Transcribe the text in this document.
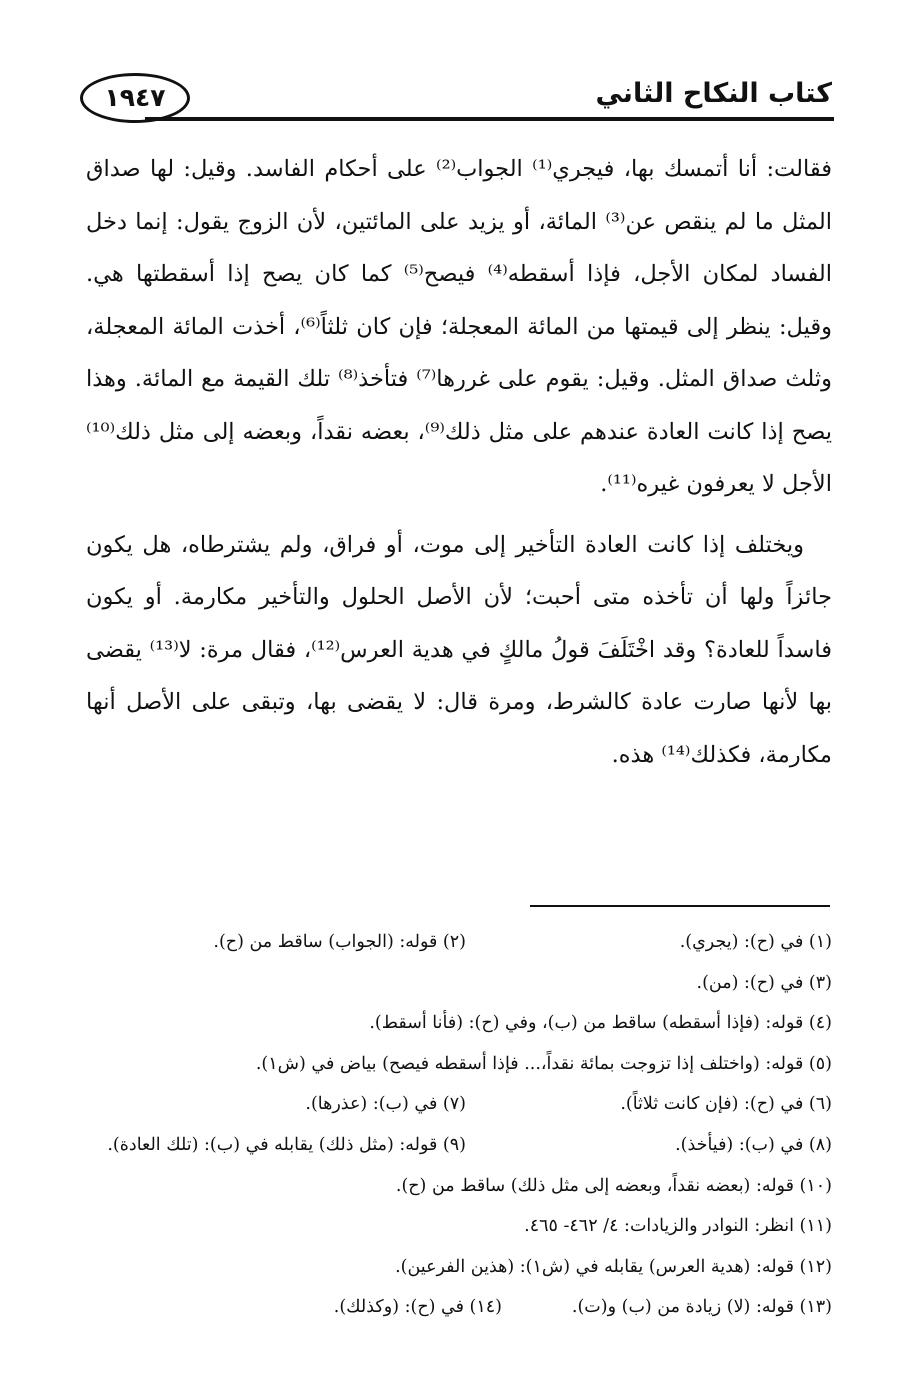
كتاب النكاح الثاني
١٩٤٧

فقالت: أنا أتمسك بها، فيجري⁽¹⁾ الجواب⁽²⁾ على أحكام الفاسد. وقيل: لها صداق المثل ما لم ينقص عن⁽³⁾ المائة، أو يزيد على المائتين، لأن الزوج يقول: إنما دخل الفساد لمكان الأجل، فإذا أسقطه⁽⁴⁾ فيصح⁽⁵⁾ كما كان يصح إذا أسقطتها هي. وقيل: ينظر إلى قيمتها من المائة المعجلة؛ فإن كان ثلثاً⁽⁶⁾، أخذت المائة المعجلة، وثلث صداق المثل. وقيل: يقوم على غررها⁽⁷⁾ فتأخذ⁽⁸⁾ تلك القيمة مع المائة. وهذا يصح إذا كانت العادة عندهم على مثل ذلك⁽⁹⁾، بعضه نقداً، وبعضه إلى مثل ذلك⁽¹⁰⁾ الأجل لا يعرفون غيره⁽¹¹⁾.

ويختلف إذا كانت العادة التأخير إلى موت، أو فراق، ولم يشترطاه، هل يكون جائزاً ولها أن تأخذه متى أحبت؛ لأن الأصل الحلول والتأخير مكارمة. أو يكون فاسداً للعادة؟ وقد اخْتَلَفَ قولُ مالكٍ في هدية العرس⁽¹²⁾، فقال مرة: لا⁽¹³⁾ يقضى بها لأنها صارت عادة كالشرط، ومرة قال: لا يقضى بها، وتبقى على الأصل أنها مكارمة، فكذلك⁽¹⁴⁾ هذه.

(١) في (ح): (يجري).
(٢) قوله: (الجواب) ساقط من (ح).
(٣) في (ح): (من).
(٤) قوله: (فإذا أسقطه) ساقط من (ب)، وفي (ح): (فأنا أسقط).
(٥) قوله: (واختلف إذا تزوجت بمائة نقداً،... فإذا أسقطه فيصح) بياض في (ش١).
(٦) في (ح): (فإن كانت ثلاثاً).
(٧) في (ب): (عذرها).
(٨) في (ب): (فيأخذ).
(٩) قوله: (مثل ذلك) يقابله في (ب): (تلك العادة).
(١٠) قوله: (بعضه نقداً، وبعضه إلى مثل ذلك) ساقط من (ح).
(١١) انظر: النوادر والزيادات: ٤/ ٤٦٢- ٤٦٥.
(١٢) قوله: (هدية العرس) يقابله في (ش١): (هذين الفرعين).
(١٣) قوله: (لا) زيادة من (ب) و(ت).
(١٤) في (ح): (وكذلك).
